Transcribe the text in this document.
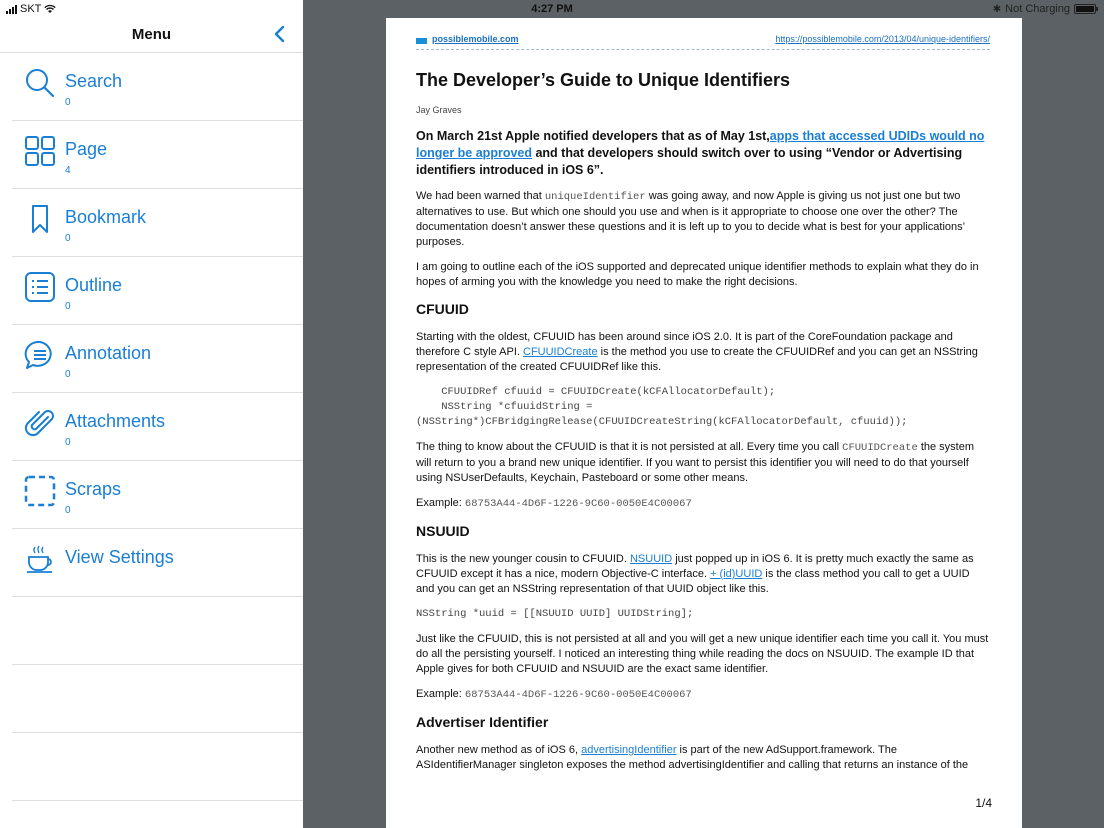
SKT	4:27 PM	✱ Not Charging
Menu
Search
0
Page
4
Bookmark
0
Outline
0
Annotation
0
Attachments
0
Scraps
0
View Settings
possiblemobile.com	https://possiblemobile.com/2013/04/unique-identifiers/
The Developer’s Guide to Unique Identifiers
Jay Graves
On March 21st Apple notified developers that as of May 1st,apps that accessed UDIDs would no longer be approved and that developers should switch over to using “Vendor or Advertising identifiers introduced in iOS 6”.

We had been warned that uniqueIdentifier was going away, and now Apple is giving us not just one but two alternatives to use. But which one should you use and when is it appropriate to choose one over the other? The documentation doesn’t answer these questions and it is left up to you to decide what is best for your applications’ purposes.

I am going to outline each of the iOS supported and deprecated unique identifier methods to explain what they do in hopes of arming you with the knowledge you need to make the right decisions.

CFUUID

Starting with the oldest, CFUUID has been around since iOS 2.0. It is part of the CoreFoundation package and therefore C style API. CFUUIDCreate is the method you use to create the CFUUIDRef and you can get an NSString representation of the created CFUUIDRef like this.

CFUUIDRef cfuuid = CFUUIDCreate(kCFAllocatorDefault);
NSString *cfuuidString =
(NSString*)CFBridgingRelease(CFUUIDCreateString(kCFAllocatorDefault, cfuuid));

The thing to know about the CFUUID is that it is not persisted at all. Every time you call CFUUIDCreate the system will return to you a brand new unique identifier. If you want to persist this identifier you will need to do that yourself using NSUserDefaults, Keychain, Pasteboard or some other means.

Example: 68753A44-4D6F-1226-9C60-0050E4C00067

NSUUID

This is the new younger cousin to CFUUID. NSUUID just popped up in iOS 6. It is pretty much exactly the same as CFUUID except it has a nice, modern Objective-C interface. + (id)UUID is the class method you call to get a UUID and you can get an NSString representation of that UUID object like this.

NSString *uuid = [[NSUUID UUID] UUIDString];

Just like the CFUUID, this is not persisted at all and you will get a new unique identifier each time you call it. You must do all the persisting yourself. I noticed an interesting thing while reading the docs on NSUUID. The example ID that Apple gives for both CFUUID and NSUUID are the exact same identifier.

Example: 68753A44-4D6F-1226-9C60-0050E4C00067

Advertiser Identifier

Another new method as of iOS 6, advertisingIdentifier is part of the new AdSupport.framework. The ASIdentifierManager singleton exposes the method advertisingIdentifier and calling that returns an instance of the

1/4
